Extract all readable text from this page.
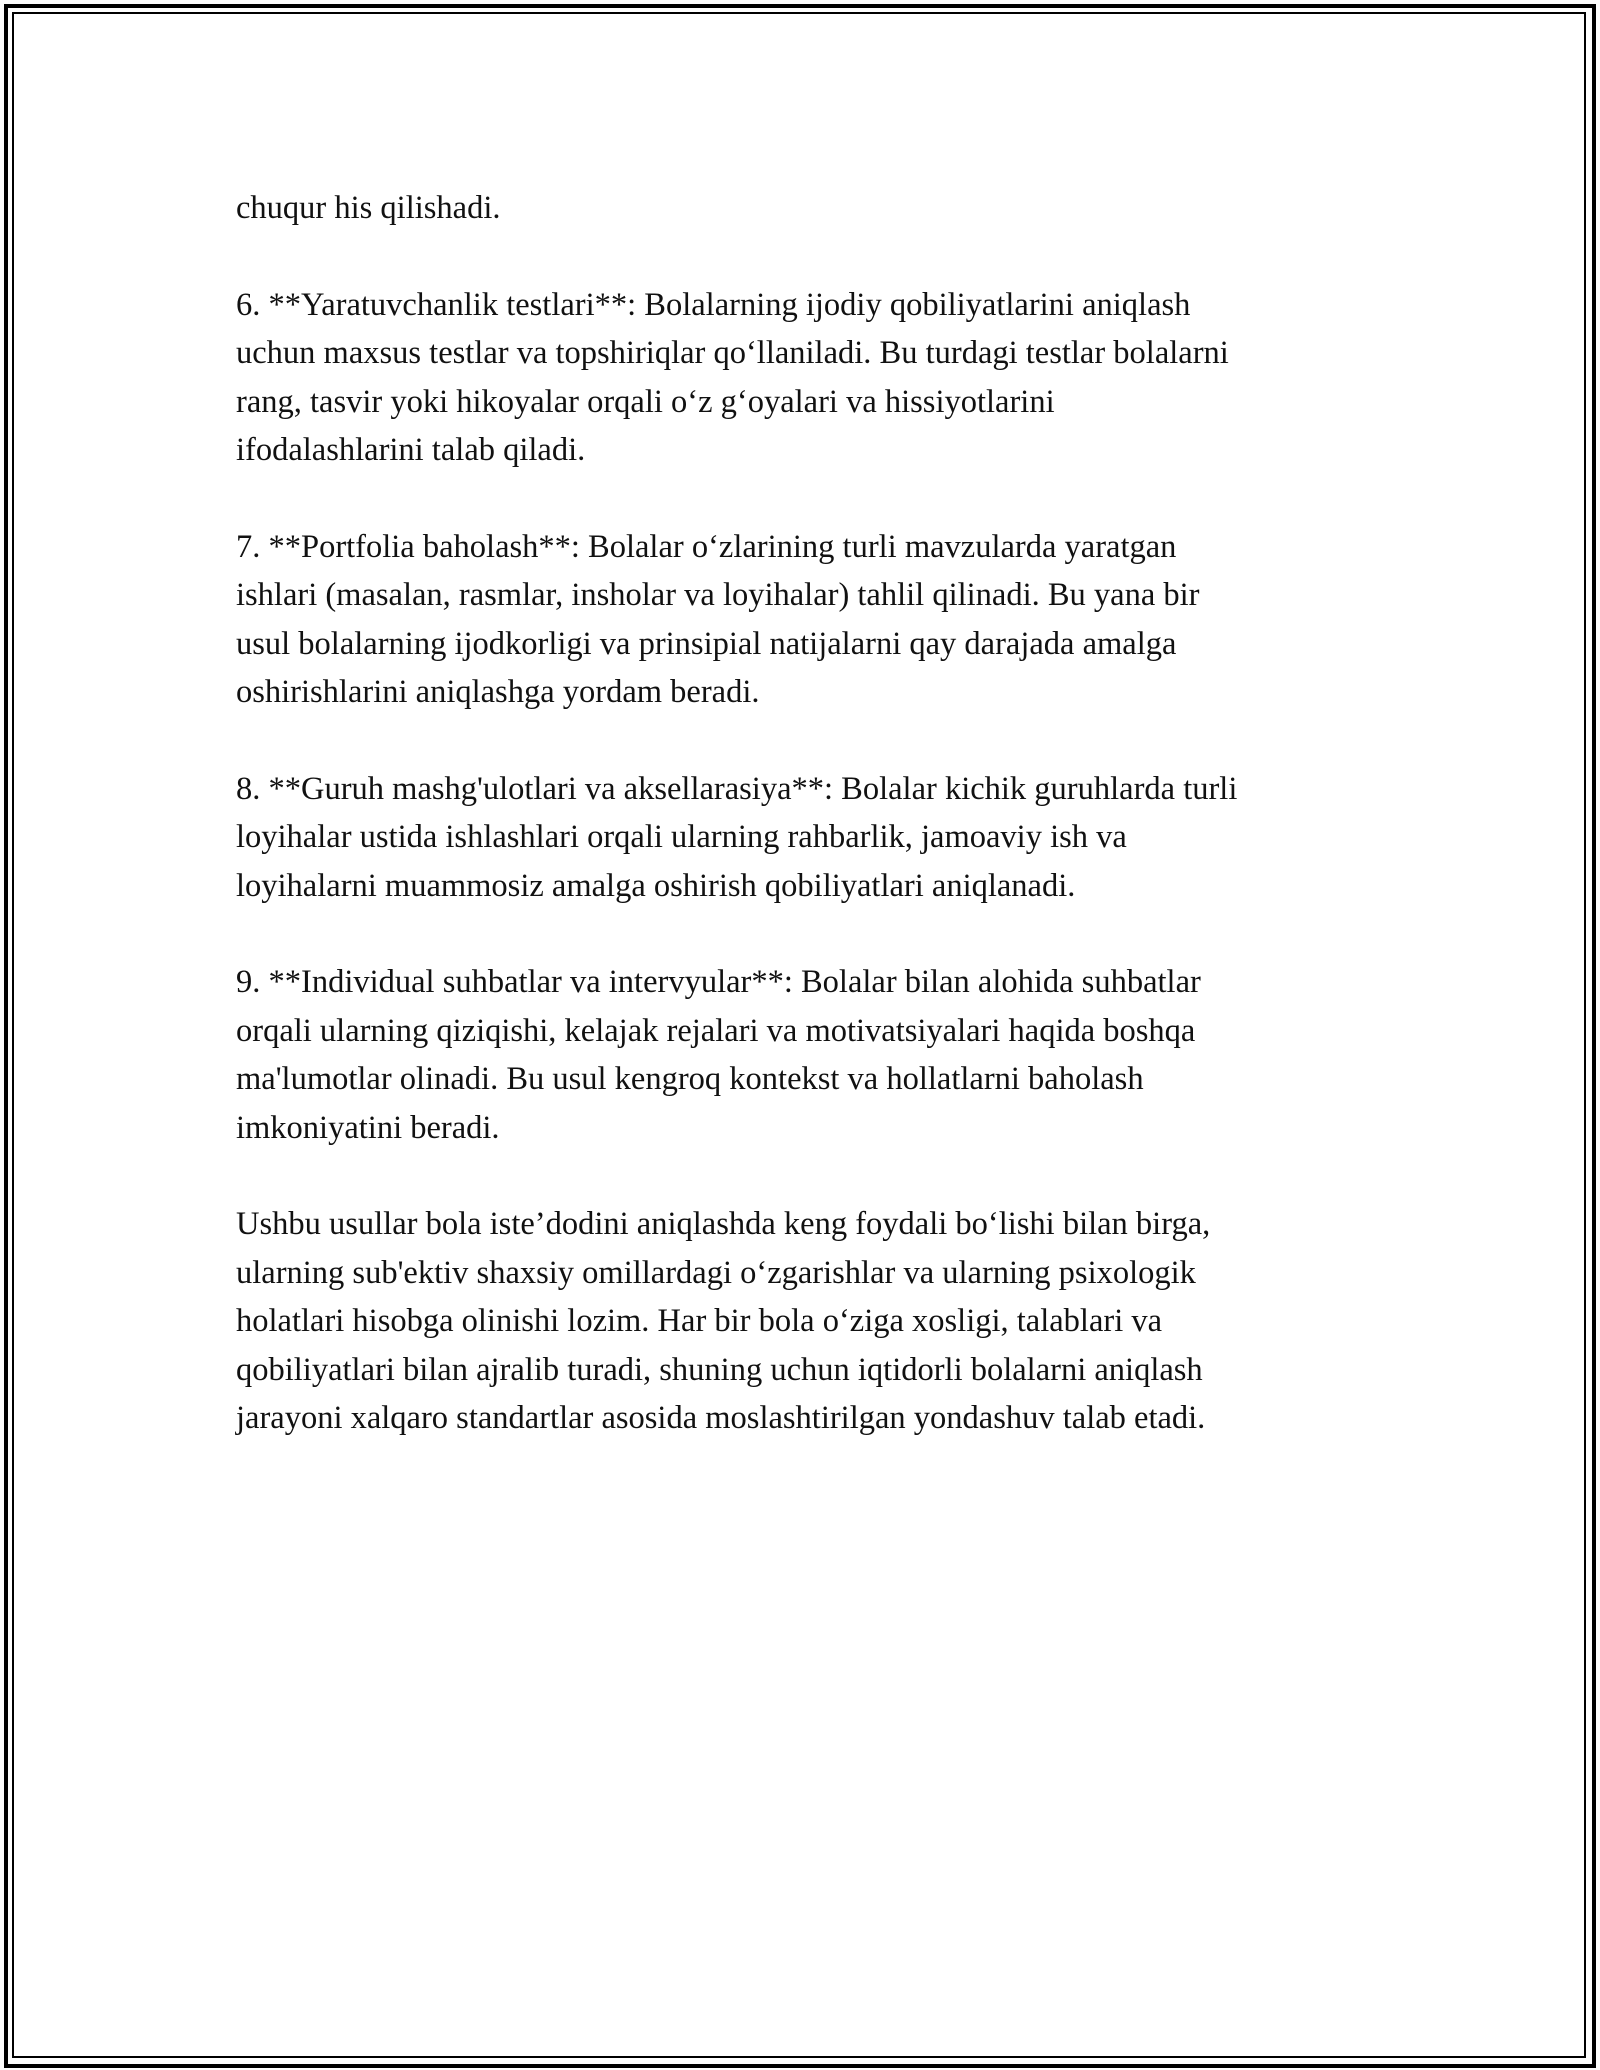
chuqur his qilishadi.

6. **Yaratuvchanlik testlari**: Bolalarning ijodiy qobiliyatlarini aniqlash
uchun maxsus testlar va topshiriqlar qo‘llaniladi. Bu turdagi testlar bolalarni
rang, tasvir yoki hikoyalar orqali o‘z g‘oyalari va hissiyotlarini
ifodalashlarini talab qiladi.

7. **Portfolia baholash**: Bolalar o‘zlarining turli mavzularda yaratgan
ishlari (masalan, rasmlar, insholar va loyihalar) tahlil qilinadi. Bu yana bir
usul bolalarning ijodkorligi va prinsipial natijalarni qay darajada amalga
oshirishlarini aniqlashga yordam beradi.

8. **Guruh mashg'ulotlari va aksellarasiya**: Bolalar kichik guruhlarda turli
loyihalar ustida ishlashlari orqali ularning rahbarlik, jamoaviy ish va
loyihalarni muammosiz amalga oshirish qobiliyatlari aniqlanadi.

9. **Individual suhbatlar va intervyular**: Bolalar bilan alohida suhbatlar
orqali ularning qiziqishi, kelajak rejalari va motivatsiyalari haqida boshqa
ma'lumotlar olinadi. Bu usul kengroq kontekst va hollatlarni baholash
imkoniyatini beradi.

Ushbu usullar bola iste’dodini aniqlashda keng foydali bo‘lishi bilan birga,
ularning sub'ektiv shaxsiy omillardagi o‘zgarishlar va ularning psixologik
holatlari hisobga olinishi lozim. Har bir bola o‘ziga xosligi, talablari va
qobiliyatlari bilan ajralib turadi, shuning uchun iqtidorli bolalarni aniqlash
jarayoni xalqaro standartlar asosida moslashtirilgan yondashuv talab etadi.
